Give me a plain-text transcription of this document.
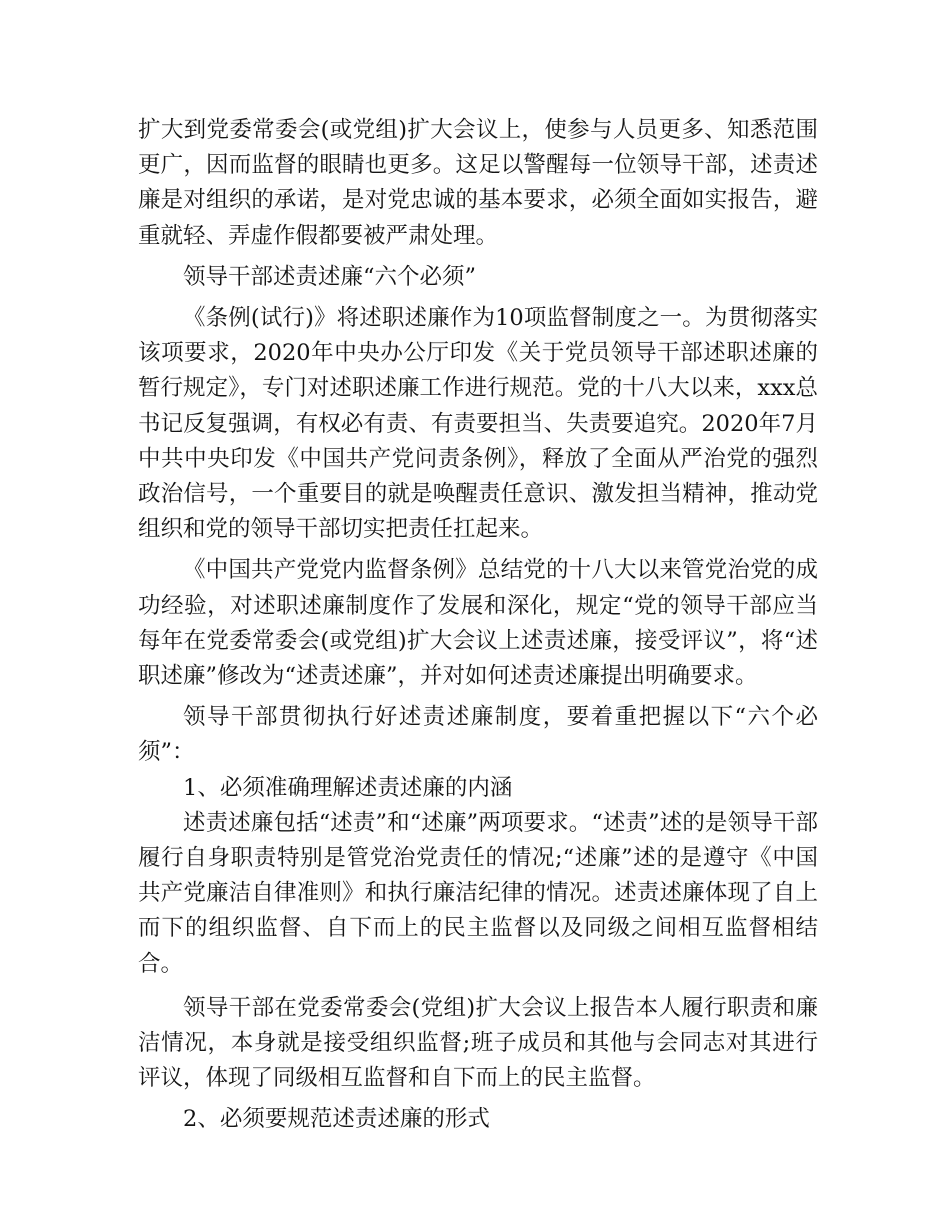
扩大到党委常委会(或党组)扩大会议上，使参与人员更多、知悉范围更广，因而监督的眼睛也更多。这足以警醒每一位领导干部，述责述廉是对组织的承诺，是对党忠诚的基本要求，必须全面如实报告，避重就轻、弄虚作假都要被严肃处理。

领导干部述责述廉“六个必须”

《条例(试行)》将述职述廉作为10项监督制度之一。为贯彻落实该项要求，2020年中央办公厅印发《关于党员领导干部述职述廉的暂行规定》，专门对述职述廉工作进行规范。党的十八大以来，xxx总书记反复强调，有权必有责、有责要担当、失责要追究。2020年7月中共中央印发《中国共产党问责条例》，释放了全面从严治党的强烈政治信号，一个重要目的就是唤醒责任意识、激发担当精神，推动党组织和党的领导干部切实把责任扛起来。

《中国共产党党内监督条例》总结党的十八大以来管党治党的成功经验，对述职述廉制度作了发展和深化，规定“党的领导干部应当每年在党委常委会(或党组)扩大会议上述责述廉，接受评议”，将“述职述廉”修改为“述责述廉”，并对如何述责述廉提出明确要求。

领导干部贯彻执行好述责述廉制度，要着重把握以下“六个必须”：

1、必须准确理解述责述廉的内涵

述责述廉包括“述责”和“述廉”两项要求。“述责”述的是领导干部履行自身职责特别是管党治党责任的情况;“述廉”述的是遵守《中国共产党廉洁自律准则》和执行廉洁纪律的情况。述责述廉体现了自上而下的组织监督、自下而上的民主监督以及同级之间相互监督相结合。

领导干部在党委常委会(党组)扩大会议上报告本人履行职责和廉洁情况，本身就是接受组织监督;班子成员和其他与会同志对其进行评议，体现了同级相互监督和自下而上的民主监督。

2、必须要规范述责述廉的形式
